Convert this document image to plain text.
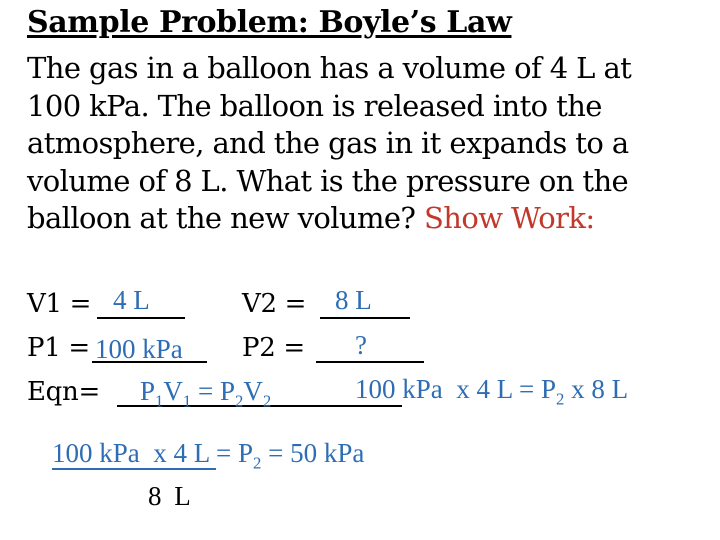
Sample Problem: Boyle’s Law
The gas in a balloon has a volume of 4 L at
100 kPa. The balloon is released into the
atmosphere, and the gas in it expands to a
volume of 8 L. What is the pressure on the
balloon at the new volume? Show Work:
V1 = 4 L	V2 = 8 L
P1 = 100 kPa P2 = ?
$Eqn= P_1V_1 = P_2V_2$	100 kPa  x 4 $L = P_2$ x 8 L
100 kPa  x 4 $L = P_2 = 50$ kPa
8 L
